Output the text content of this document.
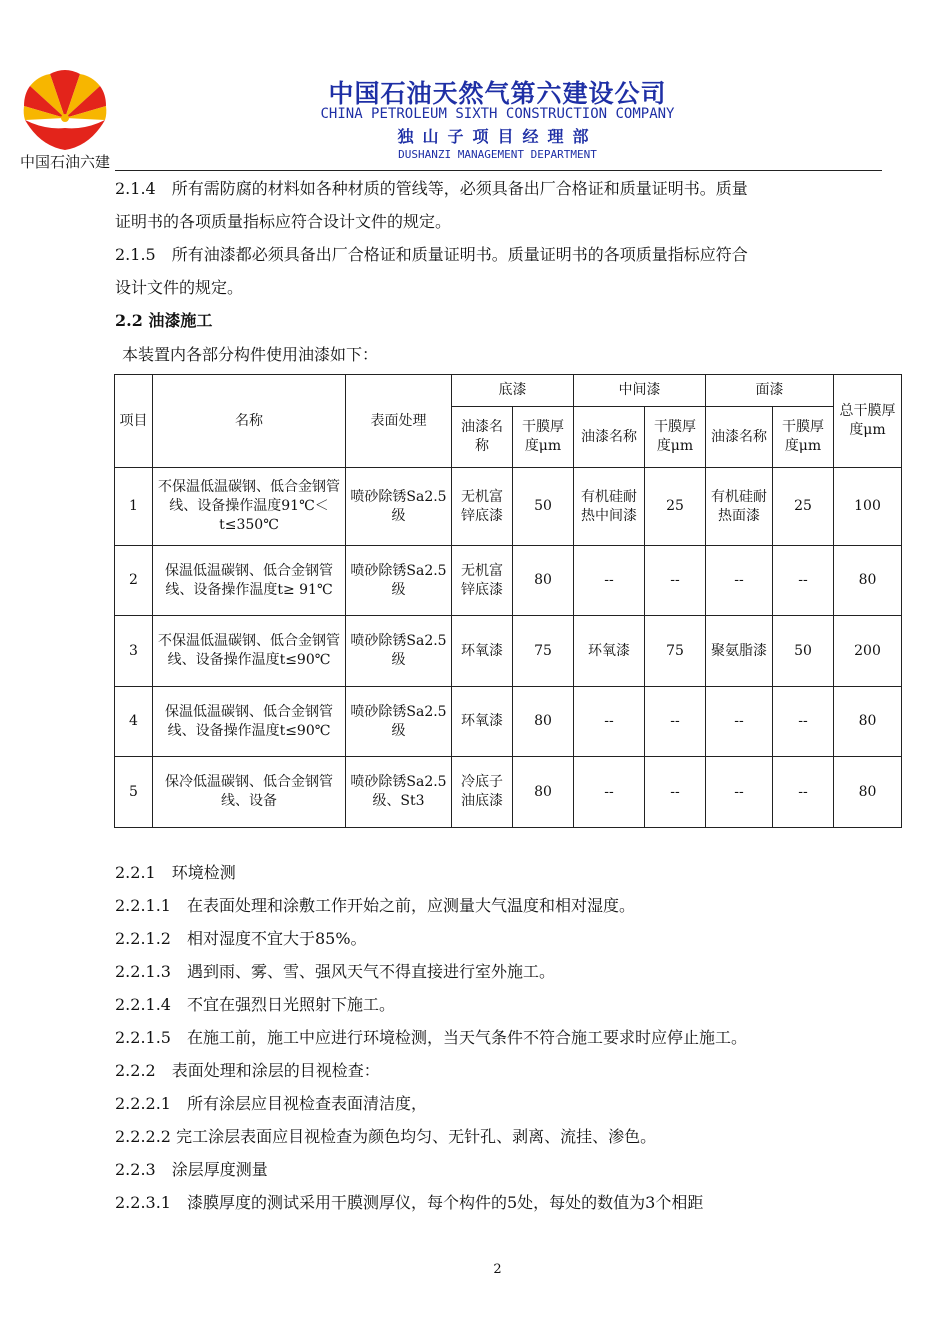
中国石油六建
中国石油天然气第六建设公司
CHINA PETROLEUM SIXTH CONSTRUCTION COMPANY
独山子项目经理部
DUSHANZI MANAGEMENT DEPARTMENT
2.1.4　所有需防腐的材料如各种材质的管线等，必须具备出厂合格证和质量证明书。质量
证明书的各项质量指标应符合设计文件的规定。
2.1.5　所有油漆都必须具备出厂合格证和质量证明书。质量证明书的各项质量指标应符合
设计文件的规定。
2.2 油漆施工
本装置内各部分构件使用油漆如下：
项目	名称	表面处理	底漆		中间漆		面漆		总干膜厚度μm
			油漆名称	干膜厚度μm	油漆名称	干膜厚度μm	油漆名称	干膜厚度μm	
1	不保温低温碳钢、低合金钢管线、设备操作温度91℃＜t≤350℃	喷砂除锈Sa2.5级	无机富锌底漆	50	有机硅耐热中间漆	25	有机硅耐热面漆	25	100
2	保温低温碳钢、低合金钢管线、设备操作温度t≥ 91℃	喷砂除锈Sa2.5级	无机富锌底漆	80	--	--	--	--	80
3	不保温低温碳钢、低合金钢管线、设备操作温度t≤90℃	喷砂除锈Sa2.5级	环氧漆	75	环氧漆	75	聚氨脂漆	50	200
4	保温低温碳钢、低合金钢管线、设备操作温度t≤90℃	喷砂除锈Sa2.5级	环氧漆	80	--	--	--	--	80
5	保冷低温碳钢、低合金钢管线、设备	喷砂除锈Sa2.5级、St3	冷底子油底漆	80	--	--	--	--	80
2.2.1　环境检测
2.2.1.1　在表面处理和涂敷工作开始之前，应测量大气温度和相对湿度。
2.2.1.2　相对湿度不宜大于85%。
2.2.1.3　遇到雨、雾、雪、强风天气不得直接进行室外施工。
2.2.1.4　不宜在强烈日光照射下施工。
2.2.1.5　在施工前，施工中应进行环境检测，当天气条件不符合施工要求时应停止施工。
2.2.2　表面处理和涂层的目视检查：
2.2.2.1　所有涂层应目视检查表面清洁度，
2.2.2.2 完工涂层表面应目视检查为颜色均匀、无针孔、剥离、流挂、渗色。
2.2.3　涂层厚度测量
2.2.3.1　漆膜厚度的测试采用干膜测厚仪，每个构件的5处，每处的数值为3个相距
2
